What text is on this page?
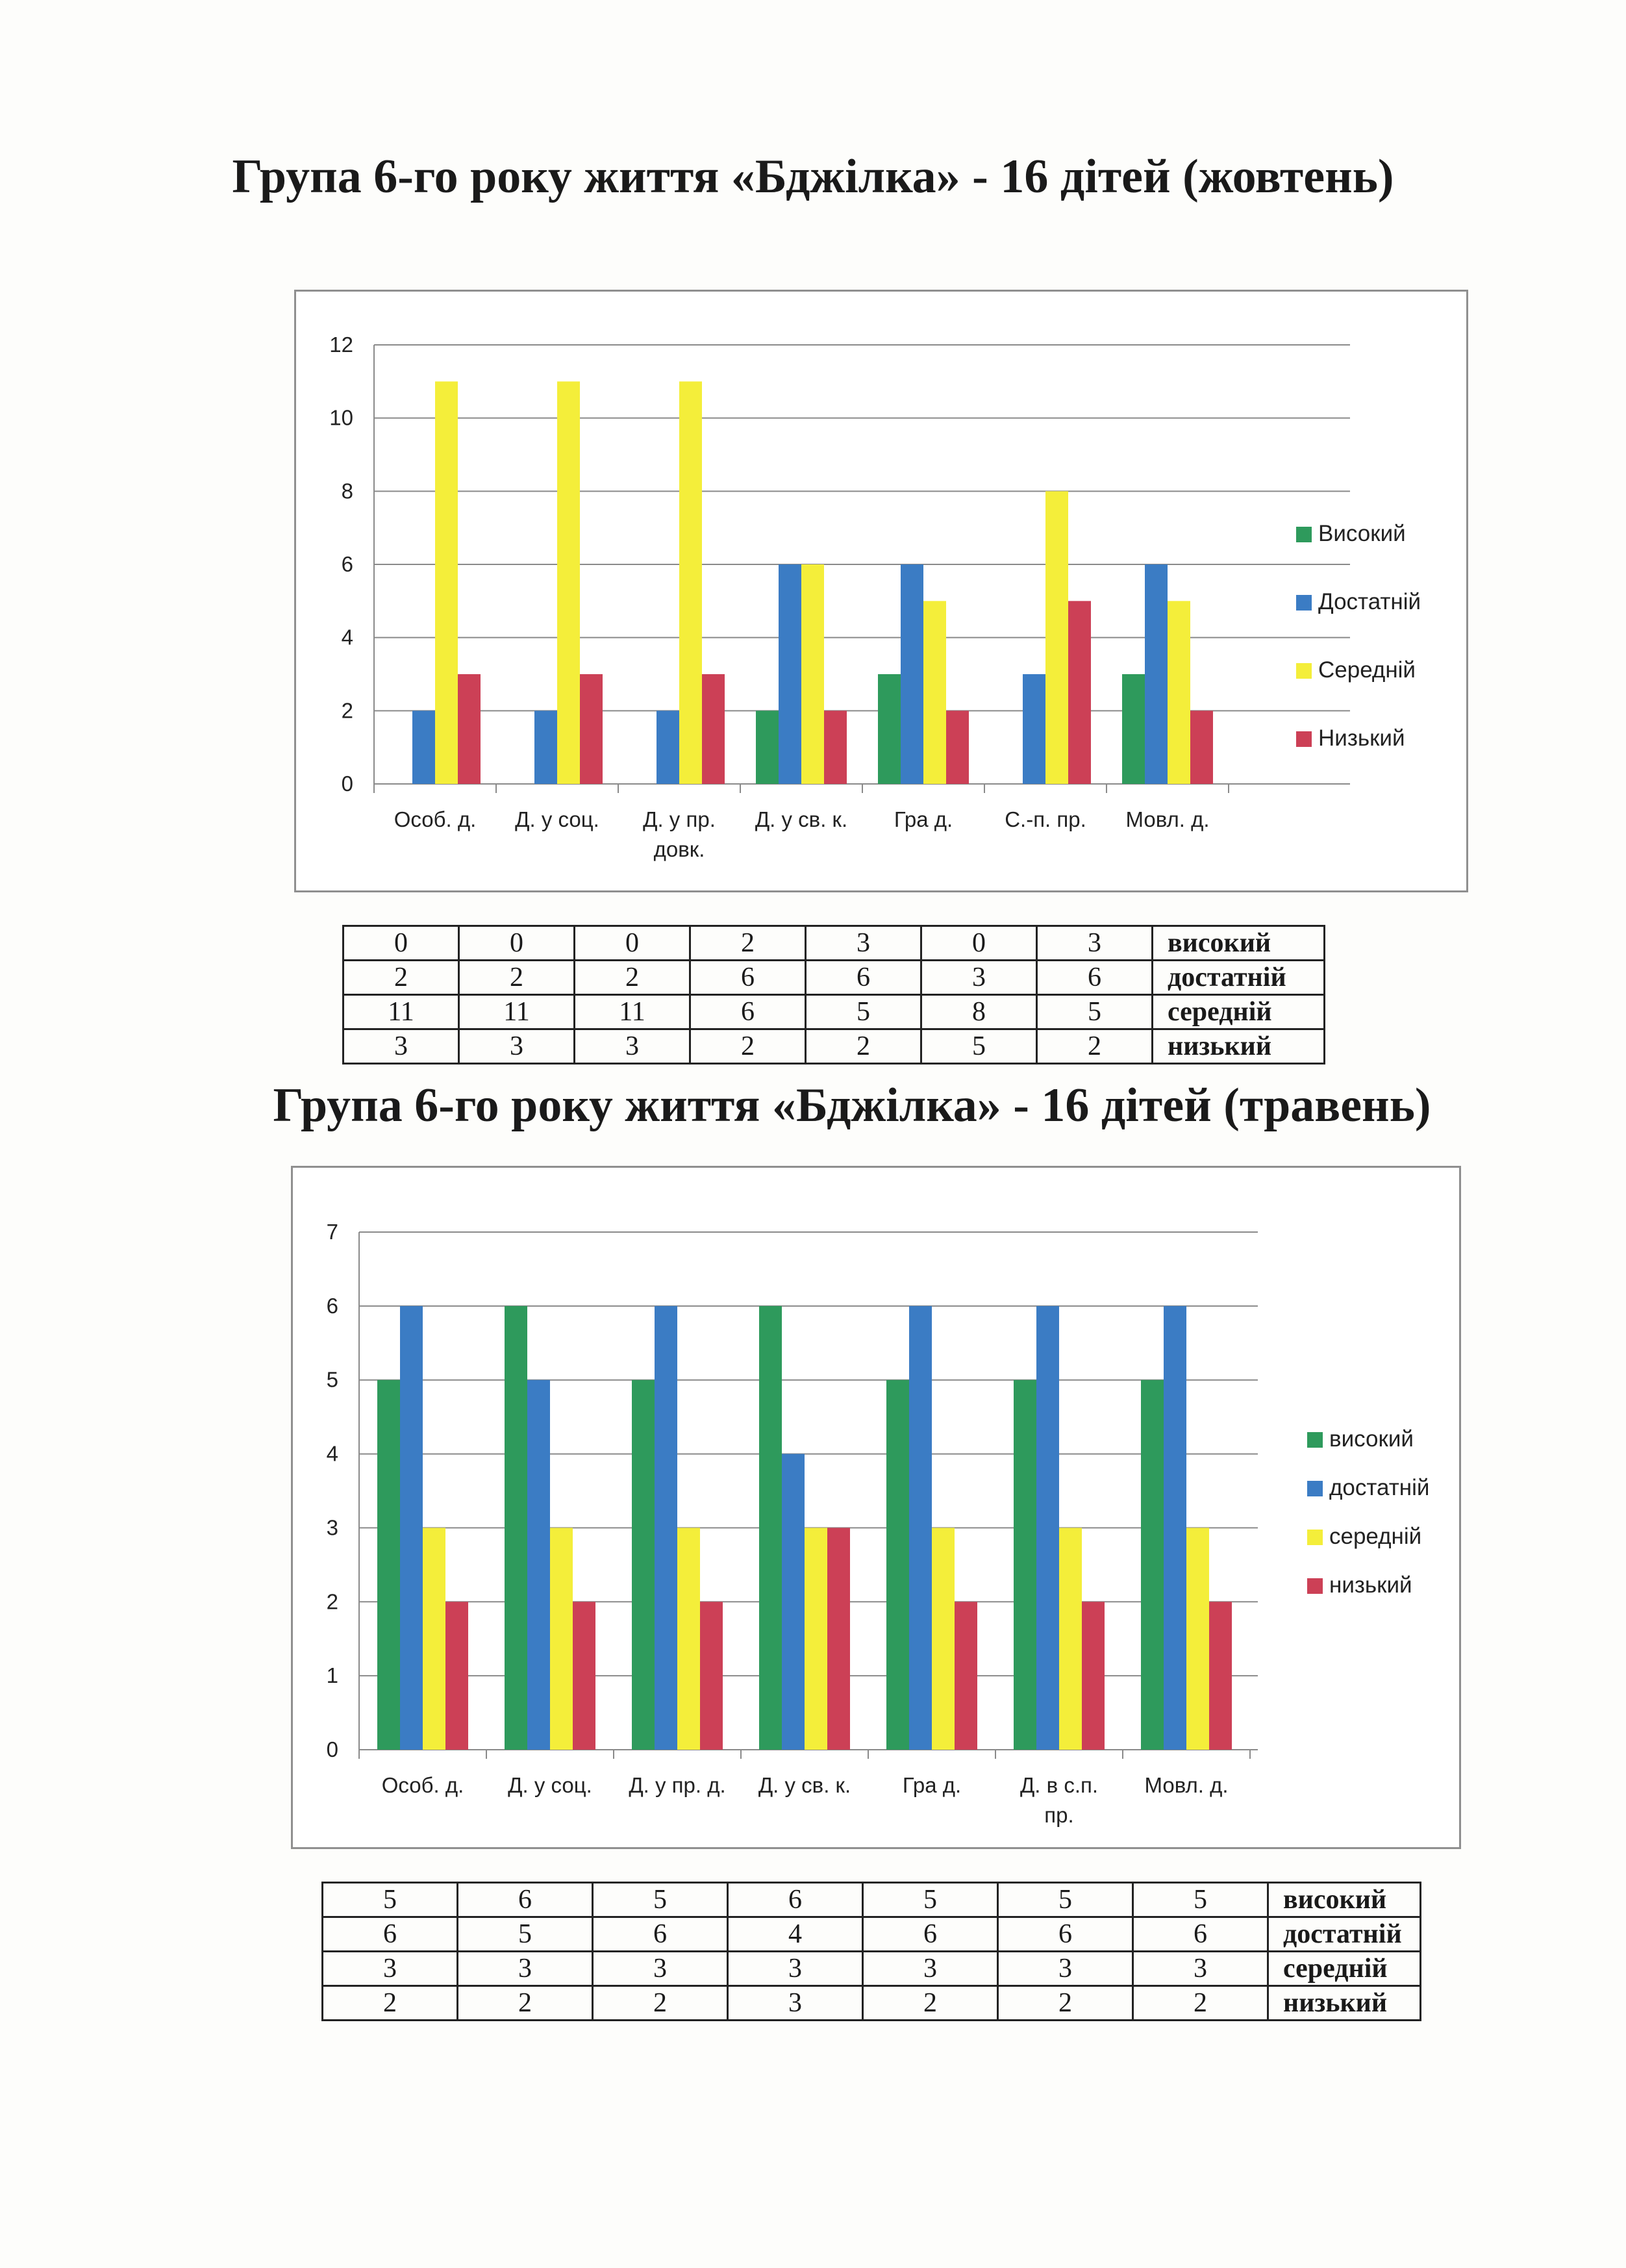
Група 6-го року життя «Бджілка» - 16 дітей (жовтень)
0
2
4
6
8
10
12
Особ. д. Д. у соц. Д. у пр. довк.
Д. у св. к. Гра д. С.-п. пр. Мовл. д.
Високий
Достатній
Середній
Низький
0	0	0	2	3	0	3	високий
2	2	2	6	6	3	6	достатній
11	11	11	6	5	8	5	середній
3	3	3	2	2	5	2	низький
Група 6-го року життя «Бджілка» - 16 дітей (травень)
0
1
2
3
4
5
6
7
Особ. д. Д. у соц. Д. у пр. д. Д. у св. к. Гра д.	Д. в с.п. пр.
Мовл. д.
високий
достатній
середній
низький
5	6	5	6	5	5	5	високий
6	5	6	4	6	6	6	достатній
3	3	3	3	3	3	3	середній
2	2	2	3	2	2	2	низький
